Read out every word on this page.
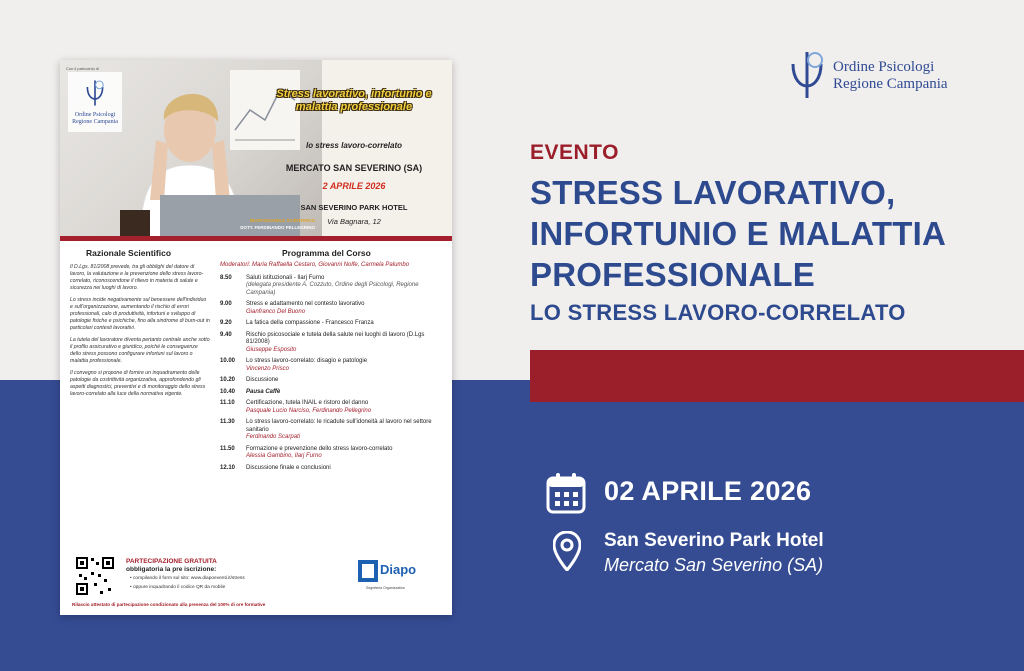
Ordine Psicologi
Regione Campania
EVENTO
STRESS LAVORATIVO,
INFORTUNIO E MALATTIA
PROFESSIONALE
LO STRESS LAVORO-CORRELATO
02 APRILE 2026
San Severino Park Hotel
Mercato San Severino (SA)
Con il patrocinio di
Ordine Psicologi
Regione Campania
Stress lavorativo, infortunio e malattia professionale
lo stress lavoro-correlato
MERCATO SAN SEVERINO (SA)
2 APRILE 2026
SAN SEVERINO PARK HOTEL
Via Bagnara, 12
RESPONSABILE SCIENTIFICO
DOTT. FERDINANDO PELLEGRINO
Razionale Scientifico	Programma del Corso

Il D.Lgs. 81/2008 prevede, tra gli obblighi del datore di lavoro, la valutazione e la prevenzione dello stress lavoro-correlato, riconoscendone il rilievo in materia di salute e sicurezza nei luoghi di lavoro.

Lo stress incide negativamente sul benessere dell'individuo e sull'organizzazione, aumentando il rischio di errori professionali, calo di produttività, infortuni e sviluppo di patologie fisiche e psichiche, fino alla sindrome di burn-out in particolari contesti lavorativi.

La tutela del lavoratore diventa pertanto centrale anche sotto il profilo assicurativo e giuridico, poiché le conseguenze dello stress possono configurare infortuni sul lavoro o malattia professionale.

Il convegno si propone di fornire un inquadramento delle patologie da costrittività organizzativa, approfondendo gli aspetti diagnostici, preventivi e di monitoraggio dello stress lavoro-correlato alla luce della normativa vigente.

Moderatori: Maria Raffaella Cestaro, Giovanni Nolfe, Carmela Palumbo
8.50	Saluti istituzionali - Ilarj Furno
(delegata presidente A. Cozzuto, Ordine degli Psicologi, Regione Campania)
9.00	Stress e adattamento nel contesto lavorativo
Gianfranco Del Buono
9.20	La fatica della compassione - Francesco Franza
9.40	Rischio psicosociale e tutela della salute nei luoghi di lavoro (D.Lgs 81/2008)
Giuseppe Esposito
10.00	Lo stress lavoro-correlato: disagio e patologie
Vincenzo Prisco
10.20	Discussione
10.40	Pausa Caffè
11.10	Certificazione, tutela INAIL e ristoro del danno
Pasquale Lucio Narciso, Ferdinando Pellegrino
11.30	Lo stress lavoro-correlato: le ricadute sull'idoneità al lavoro nel settore sanitario
Ferdinando Scarpati
11.50	Formazione e prevenzione dello stress lavoro-correlato
Alessia Gambino, Ilarj Furno
12.10	Discussione finale e conclusioni
PARTECIPAZIONE GRATUITA
obbligatoria la pre iscrizione:
• compilando il form sul sito: www.diapoeventi.it/stress
• oppure inquadrando il codice QR da mobile
Rilascio attestato di partecipazione condizionato alla presenza del 100% di ore formative
Diapo
Segreteria Organizzativa
